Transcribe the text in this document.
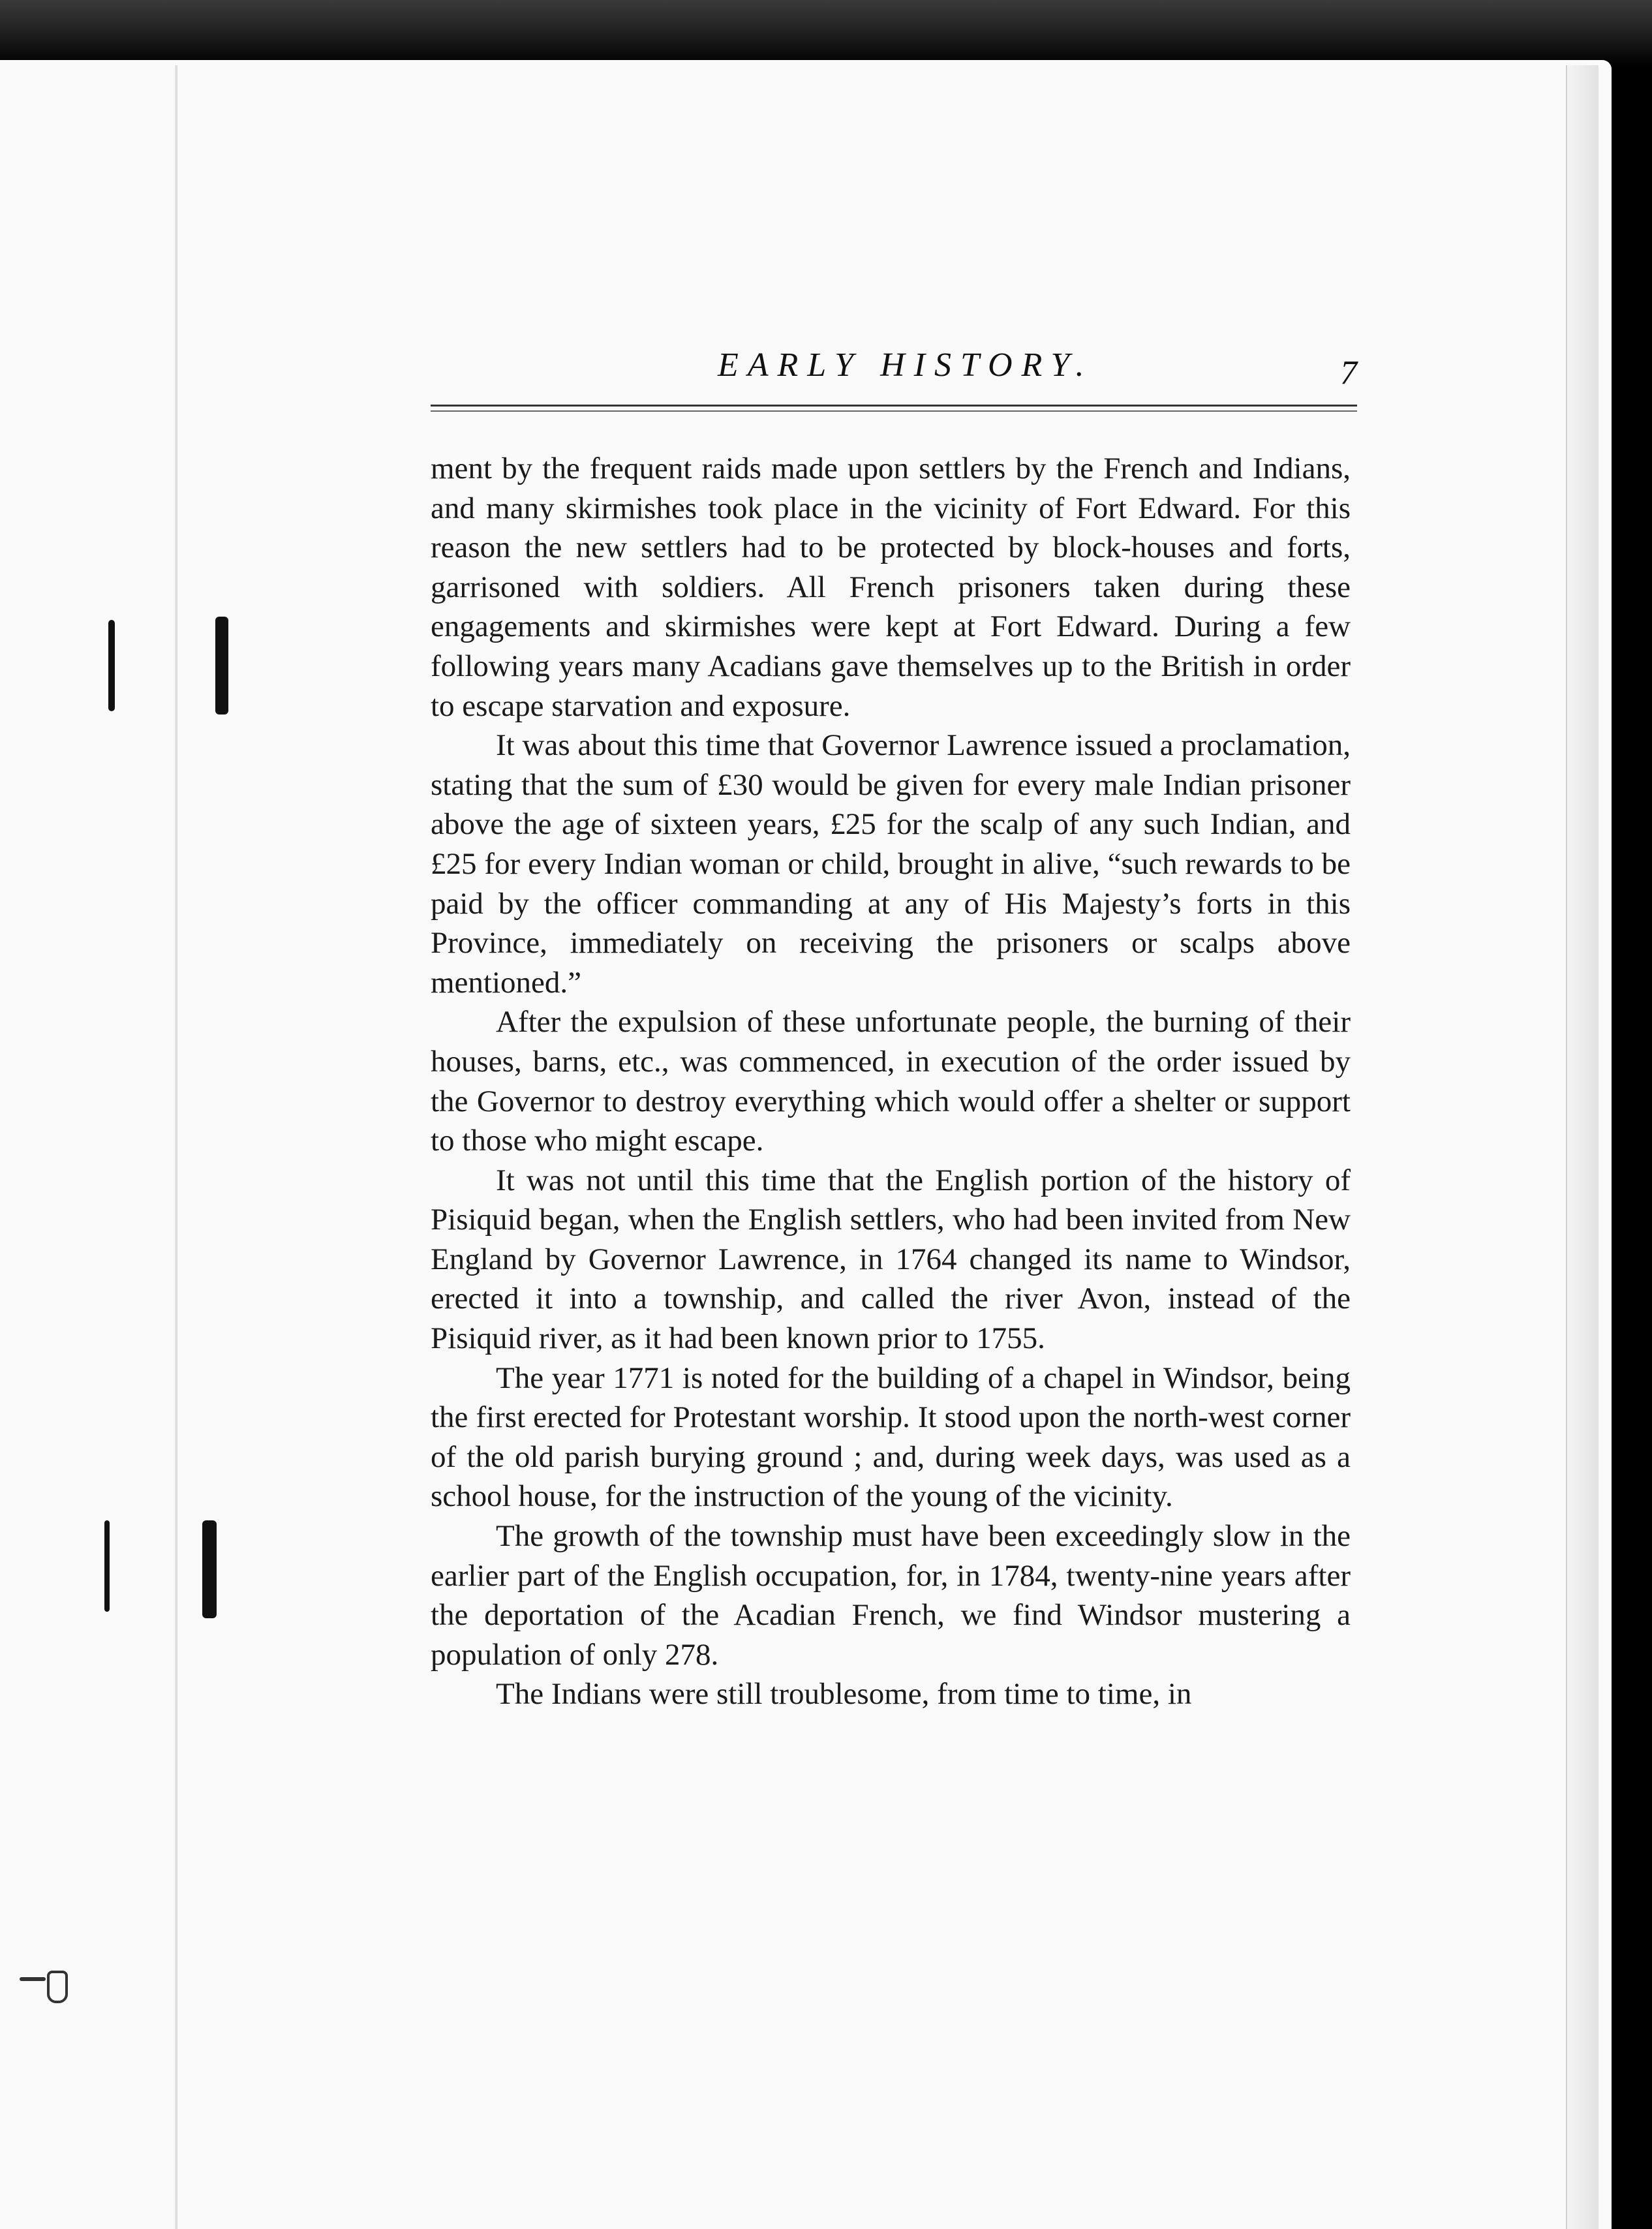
EARLY HISTORY.	7

ment by the frequent raids made upon settlers by the French and Indians, and many skirmishes took place in the vicinity of Fort Edward. For this reason the new settlers had to be protected by block-houses and forts, garrisoned with soldiers. All French prisoners taken during these engagements and skirmishes were kept at Fort Edward. During a few following years many Acadians gave themselves up to the British in order to escape starvation and exposure.

It was about this time that Governor Lawrence issued a proclamation, stating that the sum of £30 would be given for every male Indian prisoner above the age of sixteen years, £25 for the scalp of any such Indian, and £25 for every Indian woman or child, brought in alive, “such rewards to be paid by the officer commanding at any of His Majesty’s forts in this Province, immediately on receiving the prisoners or scalps above mentioned.”

After the expulsion of these unfortunate people, the burning of their houses, barns, etc., was commenced, in execution of the order issued by the Governor to destroy everything which would offer a shelter or support to those who might escape.

It was not until this time that the English portion of the history of Pisiquid began, when the English settlers, who had been invited from New England by Governor Lawrence, in 1764 changed its name to Windsor, erected it into a township, and called the river Avon, instead of the Pisiquid river, as it had been known prior to 1755.

The year 1771 is noted for the building of a chapel in Windsor, being the first erected for Protestant worship. It stood upon the north-west corner of the old parish burying ground ; and, during week days, was used as a school house, for the instruction of the young of the vicinity.

The growth of the township must have been exceedingly slow in the earlier part of the English occupation, for, in 1784, twenty-nine years after the deportation of the Acadian French, we find Windsor mustering a population of only 278.

The Indians were still troublesome, from time to time, in
